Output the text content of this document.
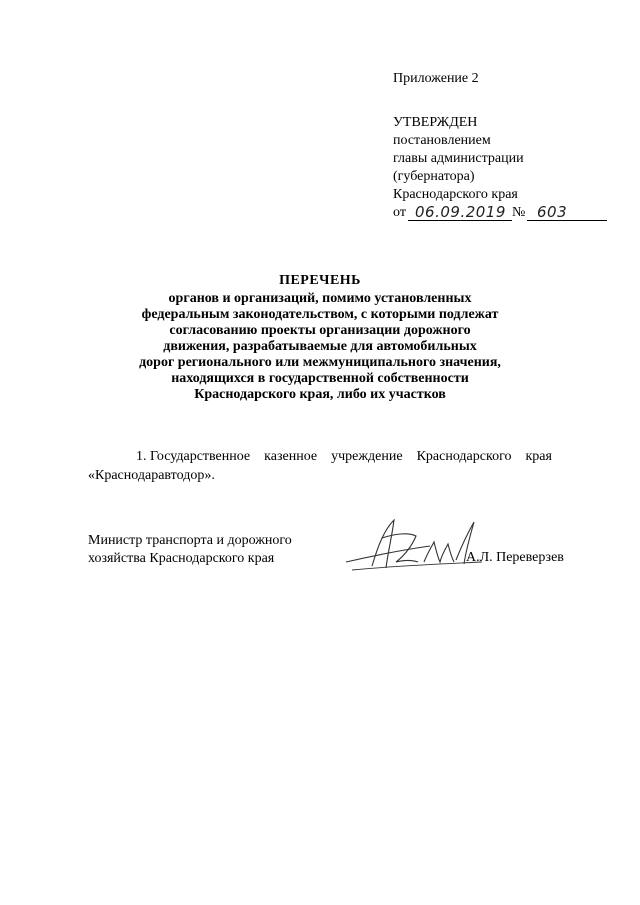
Приложение 2
УТВЕРЖДЕН
постановлением
главы администрации
(губернатора)
Краснодарского края
от 06.09.2019 № 603
ПЕРЕЧЕНЬ
органов и организаций, помимо установленных
федеральным законодательством, с которыми подлежат
согласованию проекты организации дорожного
движения, разрабатываемые для автомобильных
дорог регионального или межмуниципального значения,
находящихся в государственной собственности
Краснодарского края, либо их участков
1. Государственное казенное учреждение Краснодарского края
«Краснодаравтодор».
Министр транспорта и дорожного
хозяйства Краснодарского края	А.Л. Переверзев
